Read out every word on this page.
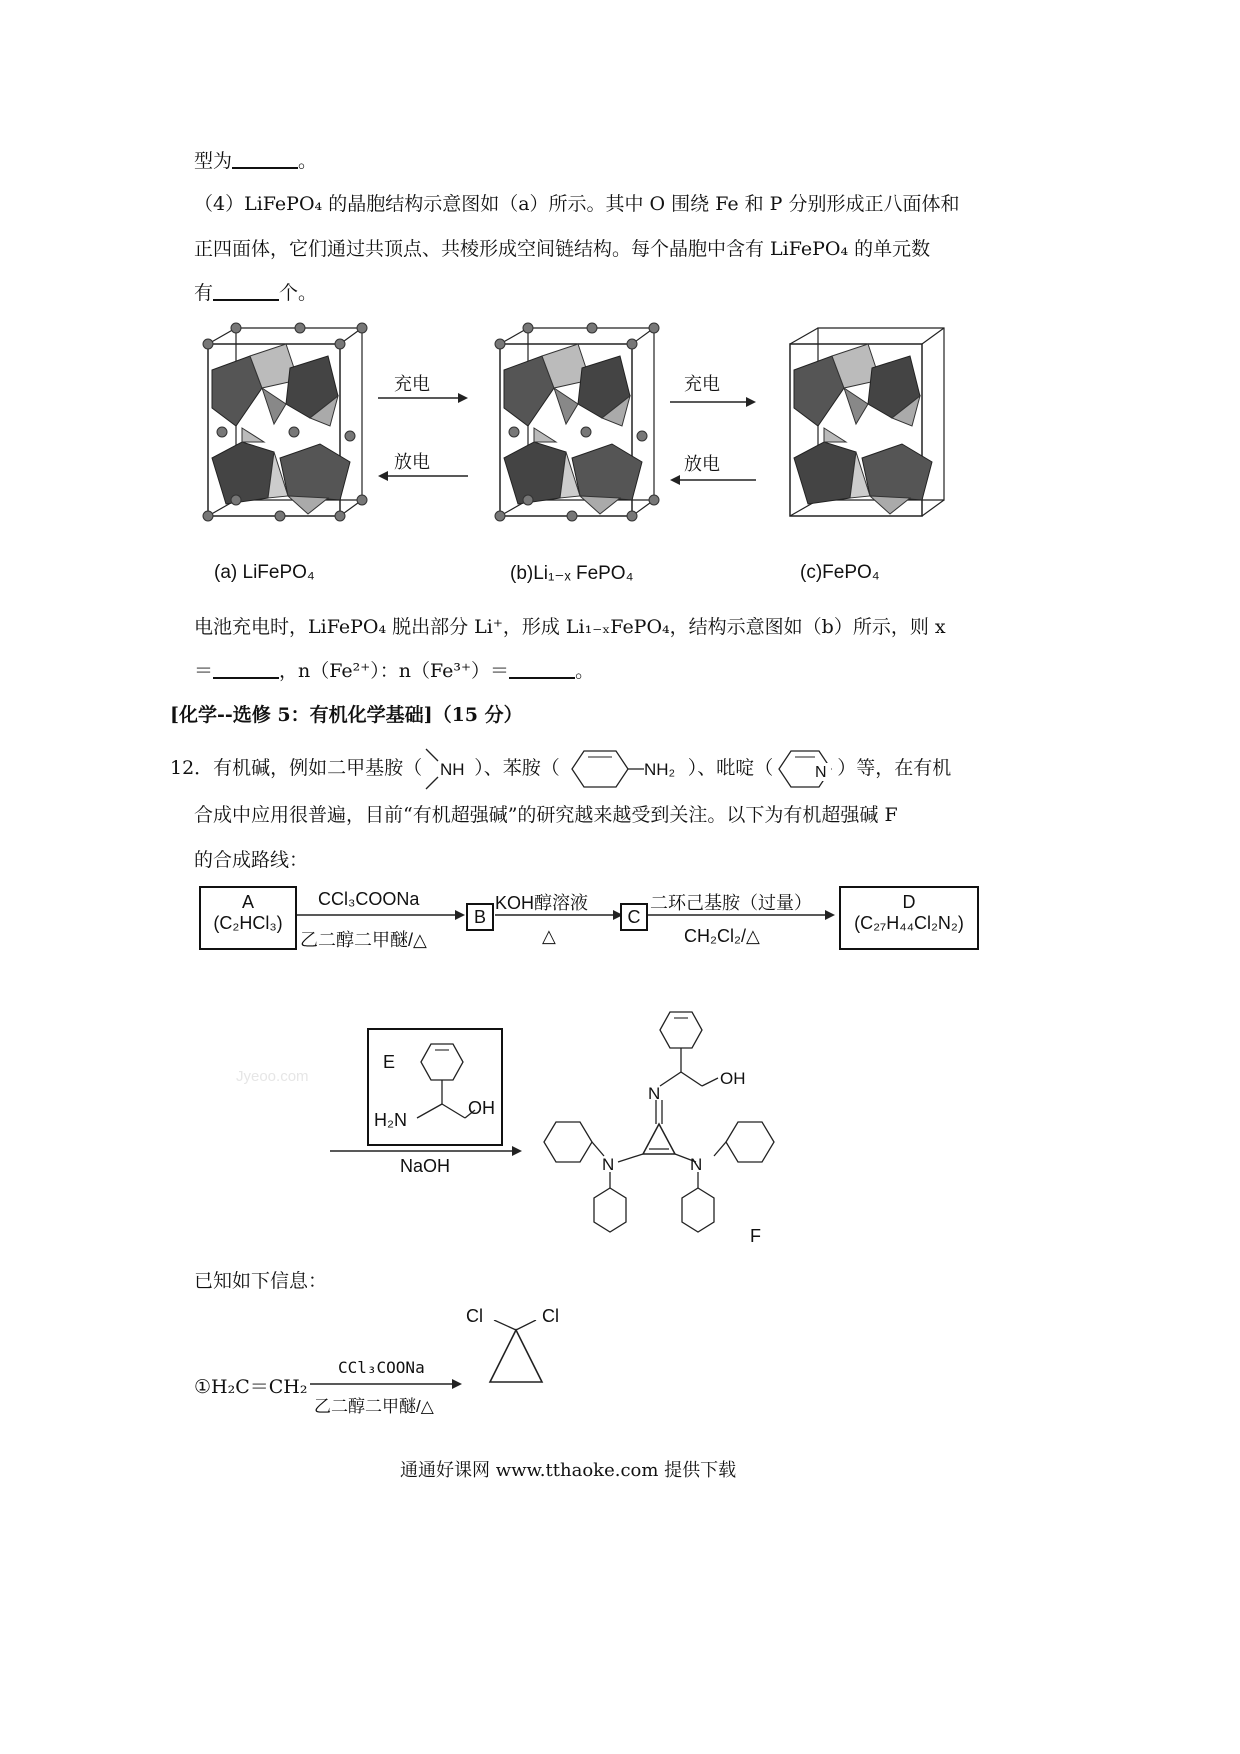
型为	。
（4）LiFePO₄ 的晶胞结构示意图如（a）所示。其中 O 围绕 Fe 和 P 分别形成正八面体和
正四面体，它们通过共顶点、共棱形成空间链结构。每个晶胞中含有 LiFePO₄ 的单元数
有	个。
充电
放电
充电
放电
(a) LiFePO₄	(b)Li₁₋ₓ FePO₄	(c)FePO₄
电池充电时，LiFePO₄ 脱出部分 Li⁺，形成 Li₁₋ₓFePO₄，结构示意图如（b）所示，则 x
＝	，n（Fe²⁺）：n（Fe³⁺）＝	。
[化学--选修 5：有机化学基础]（15 分）
12．有机碱，例如二甲基胺（ NH ）、苯胺（	NH₂ ）、吡啶（	N ）等，在有机
合成中应用很普遍，目前“有机超强碱”的研究越来越受到关注。以下为有机超强碱 F
的合成路线：
A
(C₂HCl₃)
CCl₃COONa
乙二醇二甲醚/△
B
KOH醇溶液
△
C
二环己基胺（过量）
CH₂Cl₂/△
D
(C₂₇H₄₄Cl₂N₂)
E
H₂N
OH
Jyeoo.com
NaOH
N
N	N
OH
F
已知如下信息：
Cl	Cl
①H₂C＝CH₂
CCl₃COONa
乙二醇二甲醚/△
通通好课网 www.tthaoke.com 提供下载
